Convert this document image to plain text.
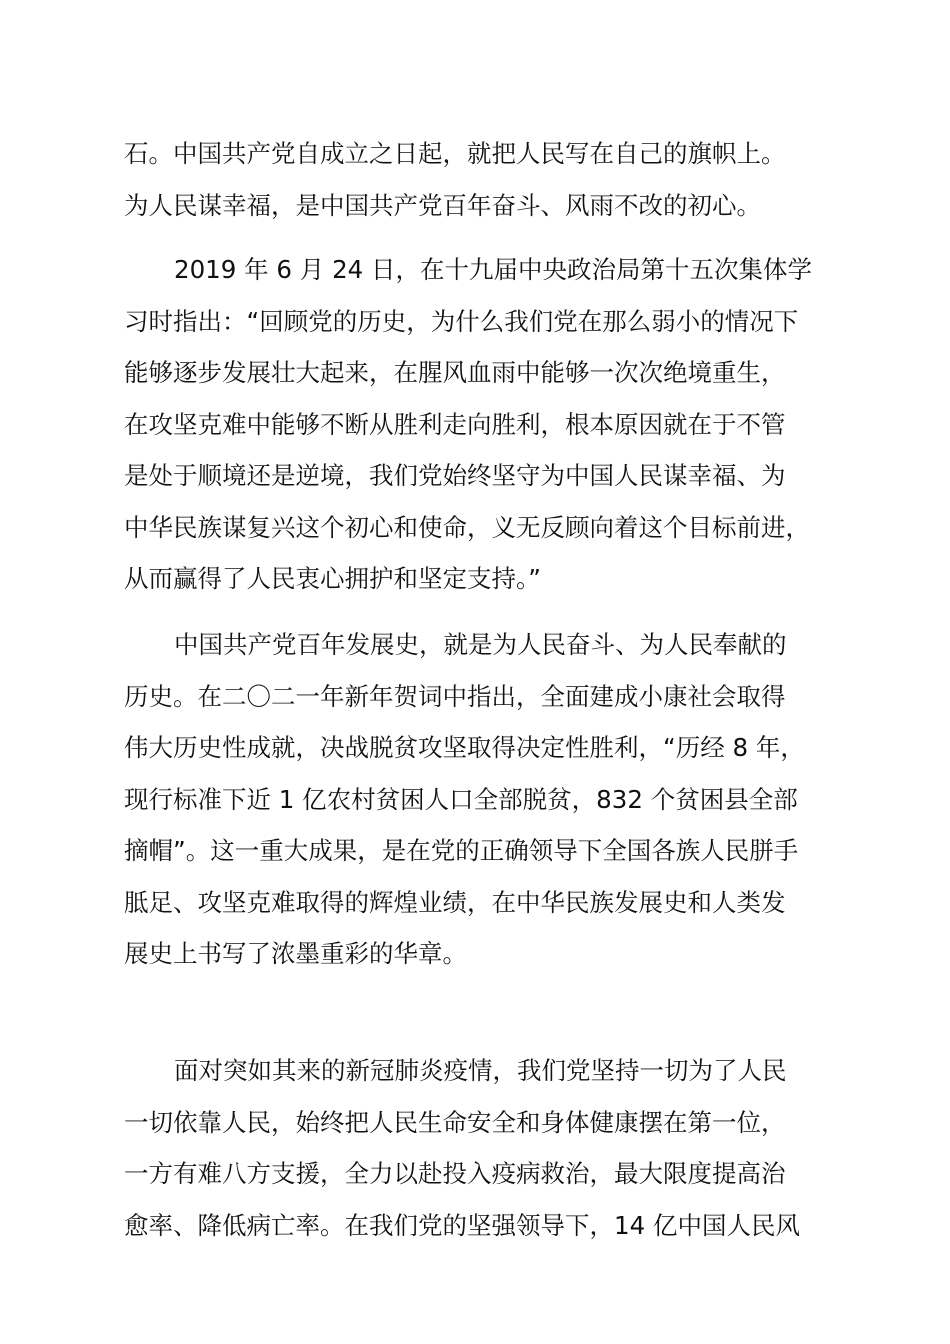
石。中国共产党自成立之日起，就把人民写在自己的旗帜上。
为人民谋幸福，是中国共产党百年奋斗、风雨不改的初心。
2019 年 6 月 24 日，在十九届中央政治局第十五次集体学
习时指出：“回顾党的历史，为什么我们党在那么弱小的情况下
能够逐步发展壮大起来，在腥风血雨中能够一次次绝境重生，
在攻坚克难中能够不断从胜利走向胜利，根本原因就在于不管
是处于顺境还是逆境，我们党始终坚守为中国人民谋幸福、为
中华民族谋复兴这个初心和使命，义无反顾向着这个目标前进，
从而赢得了人民衷心拥护和坚定支持。”
中国共产党百年发展史，就是为人民奋斗、为人民奉献的
历史。在二〇二一年新年贺词中指出，全面建成小康社会取得
伟大历史性成就，决战脱贫攻坚取得决定性胜利，“历经 8 年，
现行标准下近 1 亿农村贫困人口全部脱贫，832 个贫困县全部
摘帽”。这一重大成果，是在党的正确领导下全国各族人民胼手
胝足、攻坚克难取得的辉煌业绩，在中华民族发展史和人类发
展史上书写了浓墨重彩的华章。
面对突如其来的新冠肺炎疫情，我们党坚持一切为了人民
一切依靠人民，始终把人民生命安全和身体健康摆在第一位，
一方有难八方支援，全力以赴投入疫病救治，最大限度提高治
愈率、降低病亡率。在我们党的坚强领导下，14 亿中国人民风
